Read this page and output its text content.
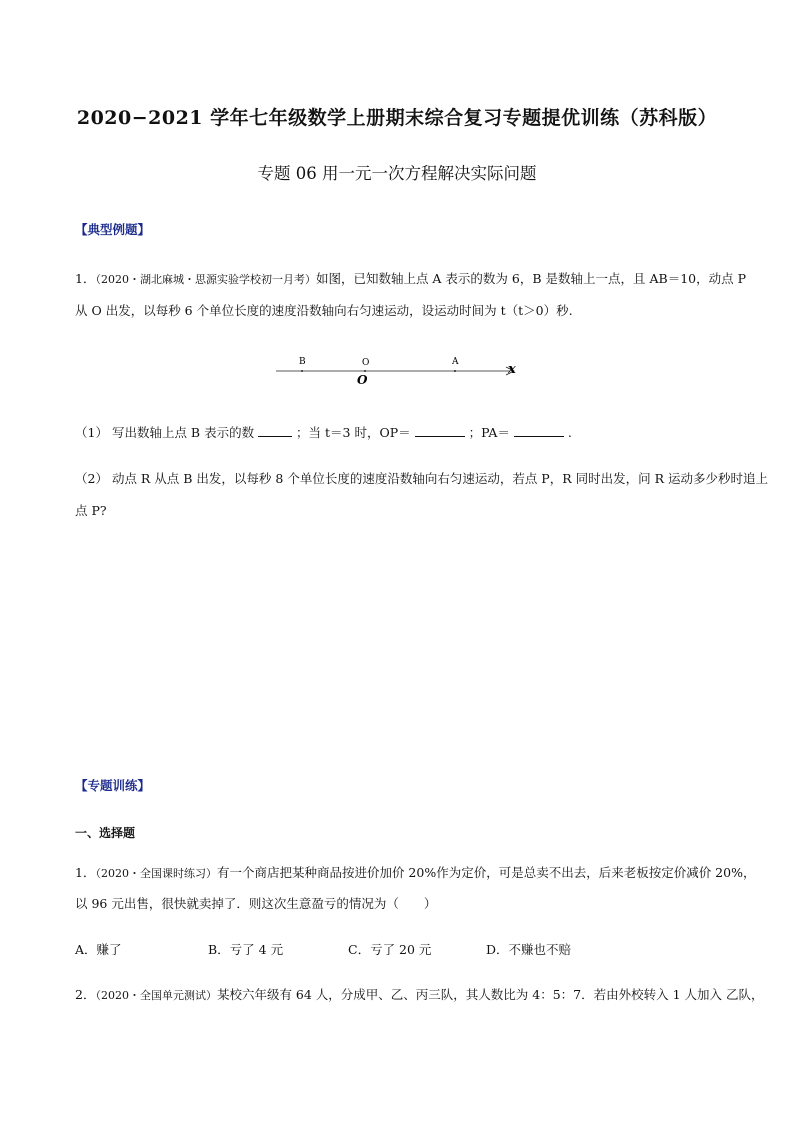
2020−2021 学年七年级数学上册期末综合复习专题提优训练（苏科版）
专题 06 用一元一次方程解决实际问题
【典型例题】
1．（2020・湖北麻城・思源实验学校初一月考）如图，已知数轴上点 A 表示的数为 6，B 是数轴上一点，且 AB＝10，动点 P
从 O 出发，以每秒 6 个单位长度的速度沿数轴向右匀速运动，设运动时间为 t（t＞0）秒.
B	O	A	x
O
（1） 写出数轴上点 B 表示的数	；当 t＝3 时，OP＝	；PA＝	.
（2） 动点 R 从点 B 出发，以每秒 8 个单位长度的速度沿数轴向右匀速运动，若点 P，R 同时出发，问 R 运动多少秒时追上
点 P?
【专题训练】
一、选择题
1．（2020・全国课时练习）有一个商店把某种商品按进价加价 20%作为定价，可是总卖不出去，后来老板按定价减价 20%，
以 96 元出售，很快就卖掉了．则这次生意盈亏的情况为（　　）
A．赚了	B．亏了 4 元	C．亏了 20 元	D．不赚也不赔
2．（2020・全国单元测试）某校六年级有 64 人，分成甲、乙、丙三队，其人数比为 4：5：7．若由外校转入 1 人加入 乙队，
